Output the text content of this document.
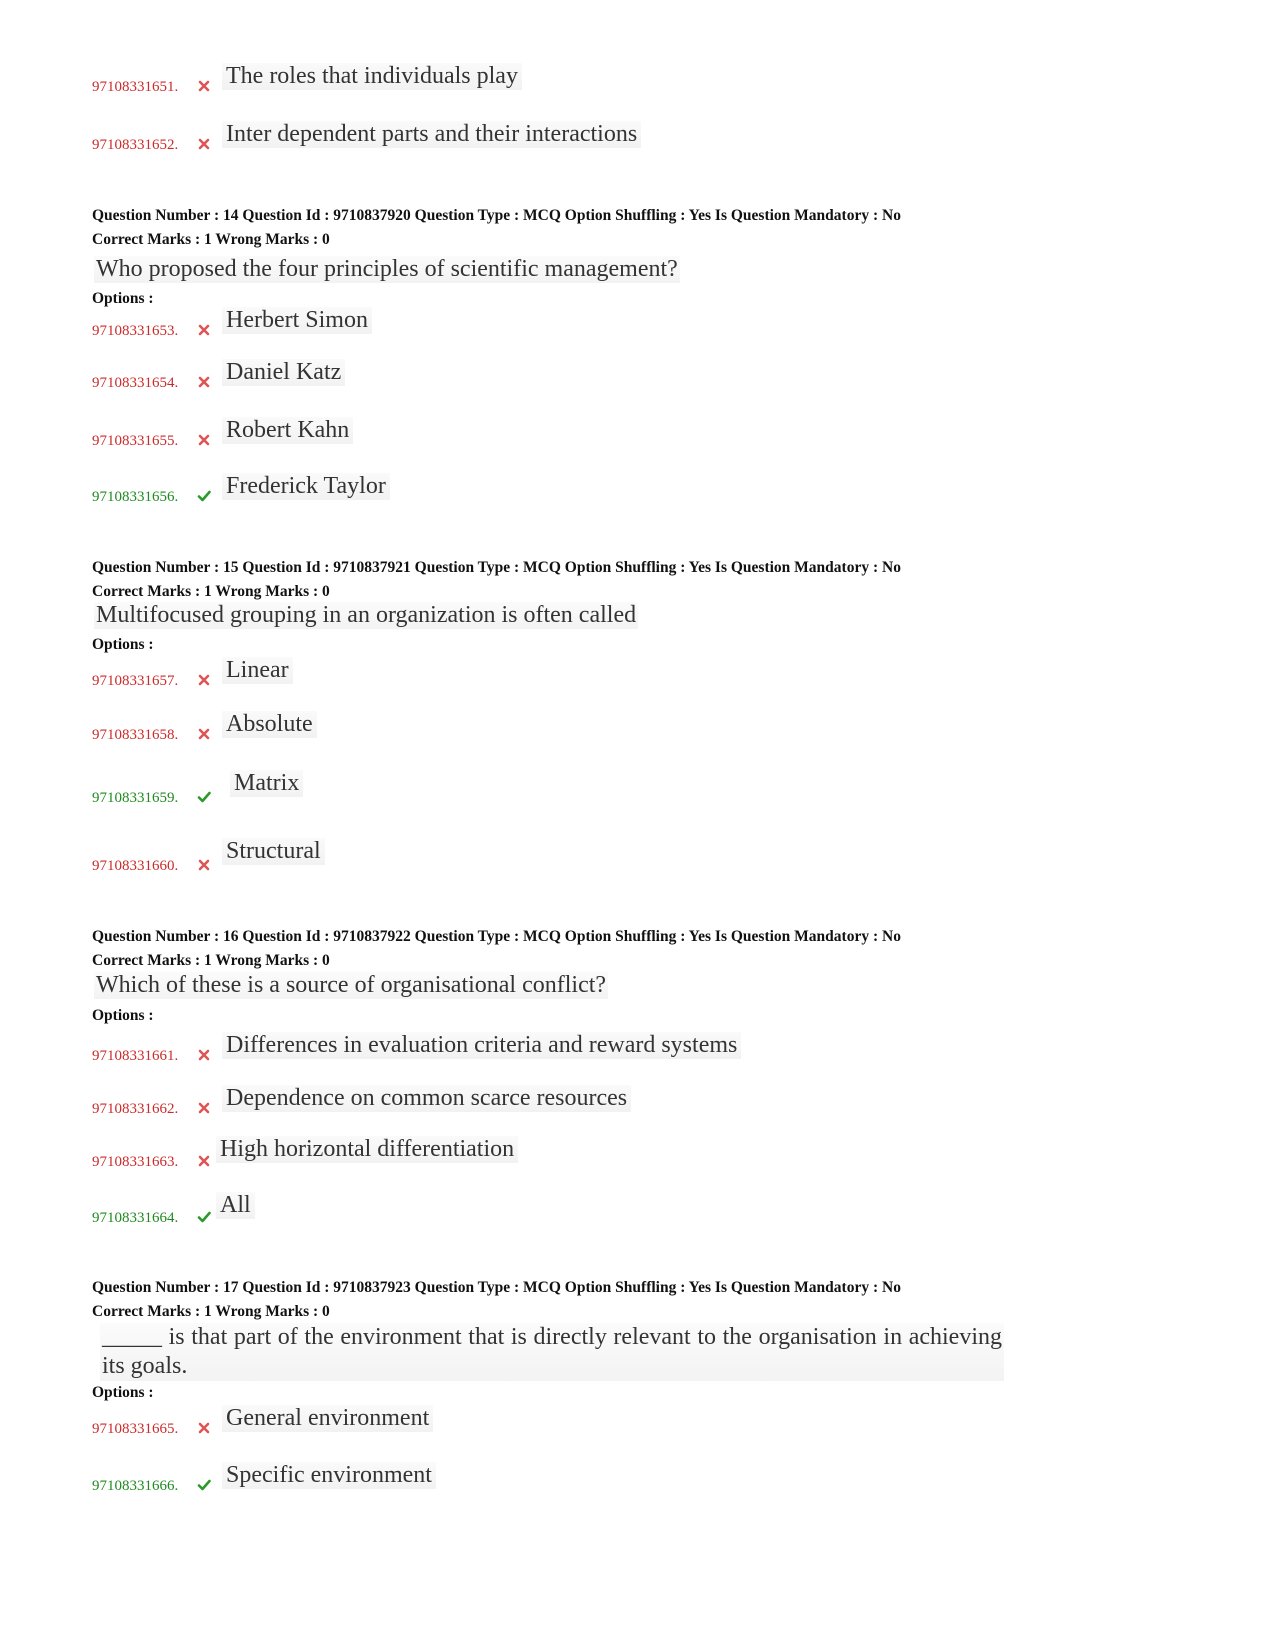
97108331651. The roles that individuals play
97108331652. Inter dependent parts and their interactions
Question Number : 14 Question Id : 9710837920 Question Type : MCQ Option Shuffling : Yes Is Question Mandatory : No
Correct Marks : 1 Wrong Marks : 0
Who proposed the four principles of scientific management?
Options :
97108331653. Herbert Simon
97108331654. Daniel Katz
97108331655. Robert Kahn
97108331656. Frederick Taylor
Question Number : 15 Question Id : 9710837921 Question Type : MCQ Option Shuffling : Yes Is Question Mandatory : No
Correct Marks : 1 Wrong Marks : 0
Multifocused grouping in an organization is often called
Options :
97108331657. Linear
97108331658. Absolute
97108331659.
Matrix
97108331660.
Structural
Question Number : 16 Question Id : 9710837922 Question Type : MCQ Option Shuffling : Yes Is Question Mandatory : No
Correct Marks : 1 Wrong Marks : 0
Which of these is a source of organisational conflict?
Options :
97108331661. Differences in evaluation criteria and reward systems
97108331662. Dependence on common scarce resources
97108331663. High horizontal differentiation
97108331664. All
Question Number : 17 Question Id : 9710837923 Question Type : MCQ Option Shuffling : Yes Is Question Mandatory : No
Correct Marks : 1 Wrong Marks : 0
_____ is that part of the environment that is directly relevant to the organisation in achieving its goals.
Options :
97108331665. General environment
97108331666. Specific environment
